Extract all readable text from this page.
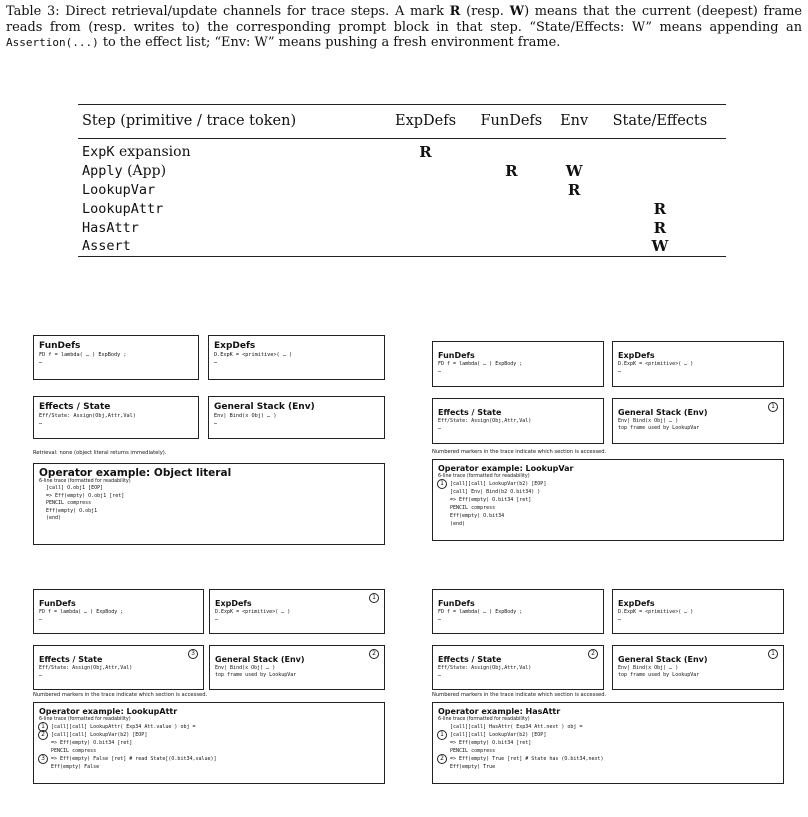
Table 3: Direct retrieval/update channels for trace steps. A mark R (resp. W) means that the current (deepest) frame reads from (resp. writes to) the corresponding prompt block in that step. “State/Effects: W” means appending an Assertion(...) to the effect list; “Env: W” means pushing a fresh environment frame.
Step (primitive / trace token)	ExpDefs	FunDefs	Env	State/Effects
ExpK expansion	R			
Apply (App)		R	W	
LookupVar			R	
LookupAttr				R
HasAttr				R
Assert				W
FunDefs
FD f = lambda( … ) ExpBody ;
…
ExpDefs
D.ExpK = <primitive>( … )
…
Effects / State
Eff/State: Assign(Obj,Attr,Val)
…
General Stack (Env)
Env| Bind(x Obj) … )
…
Retrieval: none (object literal returns immediately).
Operator example: Object literal
6-line trace (formatted for readability)
[call] O.obj1 [EOP]
=> Eff(empty) O.obj1 [ret]
PENCIL compress
Eff(empty) O.obj1
(end)
FunDefs
FD f = lambda( … ) ExpBody ;
…
ExpDefs
D.ExpK = <primitive>( … )
…
Effects / State
Eff/State: Assign(Obj,Attr,Val)
…
1
General Stack (Env)
Env| Bind(x Obj) … )
top frame used by LookupVar
Numbered markers in the trace indicate which section is accessed.
Operator example: LookupVar
6-line trace (formatted for readability)
1	[call][call] LookupVar(b2) [EOP]
[call] Env| Bind(b2 O.bit34) )
=> Eff(empty) O.bit34 [ret]
PENCIL compress
Eff(empty) O.bit34
(end)
FunDefs
FD f = lambda( … ) ExpBody ;
…
1
ExpDefs
D.ExpK = <primitive>( … )
…
3
Effects / State
Eff/State: Assign(Obj,Attr,Val)
…
2
General Stack (Env)
Env| Bind(x Obj) … )
top frame used by LookupVar
Numbered markers in the trace indicate which section is accessed.
Operator example: LookupAttr
6-line trace (formatted for readability)
1	[call][call] LookupAttr( Exp34 Att.value ) obj =
2	[call][call] LookupVar(b2) [EOP]
=> Eff(empty) O.bit34 [ret]
PENCIL compress
3	=> Eff(empty) False [ret] # read State[(O.bit34,value)]
Eff(empty) False
FunDefs
FD f = lambda( … ) ExpBody ;
…
ExpDefs
D.ExpK = <primitive>( … )
…
2
Effects / State
Eff/State: Assign(Obj,Attr,Val)
…
1
General Stack (Env)
Env| Bind(x Obj) … )
top frame used by LookupVar
Numbered markers in the trace indicate which section is accessed.
Operator example: HasAttr
6-line trace (formatted for readability)
[call][call] HasAttr( Exp34 Att.next ) obj =
1	[call][call] LookupVar(b2) [EOP]
=> Eff(empty) O.bit34 [ret]
PENCIL compress
2	=> Eff(empty) True [ret] # State has (O.bit34,next)
Eff(empty) True
